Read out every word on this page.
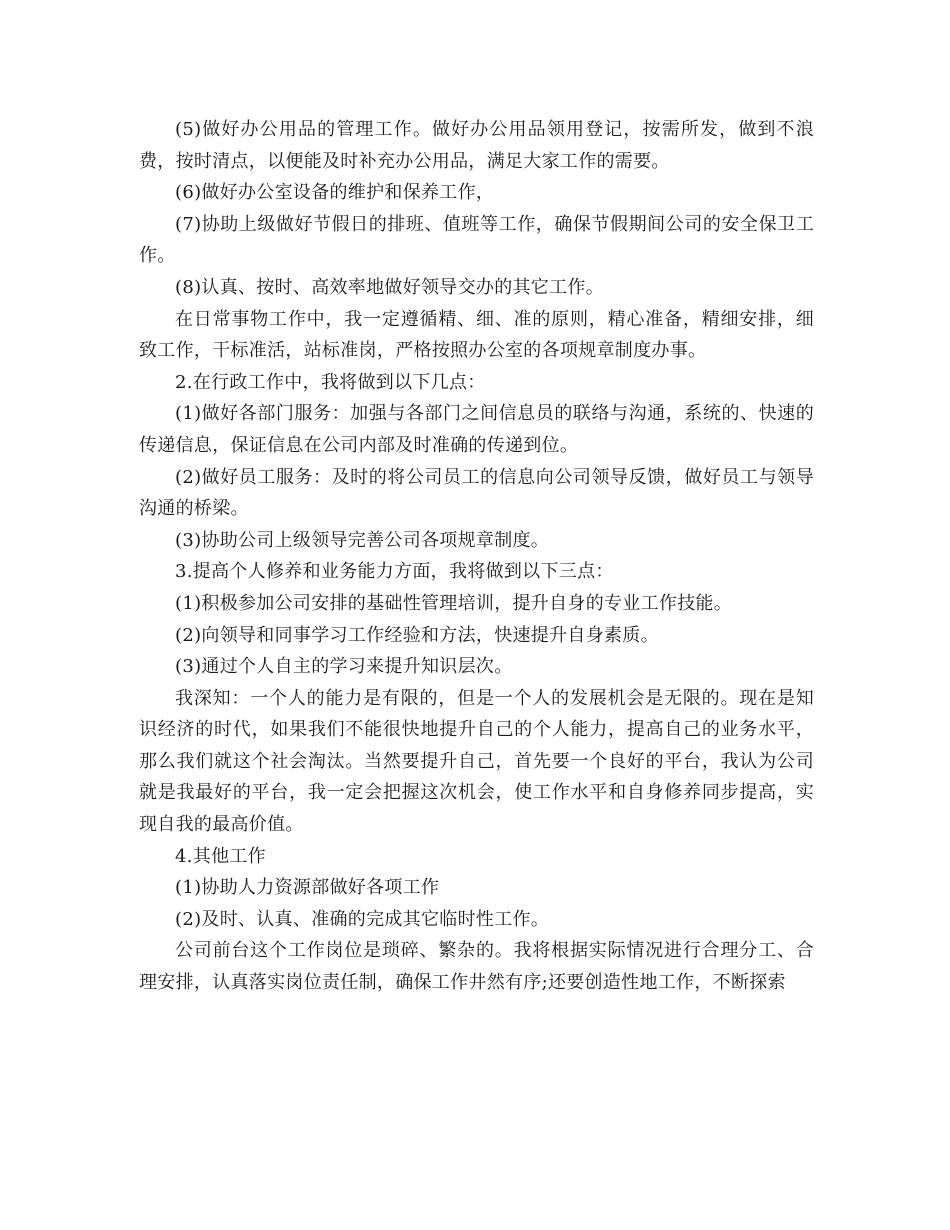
(5)做好办公用品的管理工作。做好办公用品领用登记，按需所发，做到不浪费，按时清点，以便能及时补充办公用品，满足大家工作的需要。

(6)做好办公室设备的维护和保养工作，

(7)协助上级做好节假日的排班、值班等工作，确保节假期间公司的安全保卫工作。

(8)认真、按时、高效率地做好领导交办的其它工作。

在日常事物工作中，我一定遵循精、细、准的原则，精心准备，精细安排，细致工作，干标准活，站标准岗，严格按照办公室的各项规章制度办事。

2.在行政工作中，我将做到以下几点：

(1)做好各部门服务：加强与各部门之间信息员的联络与沟通，系统的、快速的传递信息，保证信息在公司内部及时准确的传递到位。

(2)做好员工服务：及时的将公司员工的信息向公司领导反馈，做好员工与领导沟通的桥梁。

(3)协助公司上级领导完善公司各项规章制度。

3.提高个人修养和业务能力方面，我将做到以下三点：

(1)积极参加公司安排的基础性管理培训，提升自身的专业工作技能。

(2)向领导和同事学习工作经验和方法，快速提升自身素质。

(3)通过个人自主的学习来提升知识层次。

我深知：一个人的能力是有限的，但是一个人的发展机会是无限的。现在是知识经济的时代，如果我们不能很快地提升自己的个人能力，提高自己的业务水平，那么我们就这个社会淘汰。当然要提升自己，首先要一个良好的平台，我认为公司就是我最好的平台，我一定会把握这次机会，使工作水平和自身修养同步提高，实现自我的最高价值。

4.其他工作

(1)协助人力资源部做好各项工作

(2)及时、认真、准确的完成其它临时性工作。

公司前台这个工作岗位是琐碎、繁杂的。我将根据实际情况进行合理分工、合理安排，认真落实岗位责任制，确保工作井然有序;还要创造性地工作，不断探索
